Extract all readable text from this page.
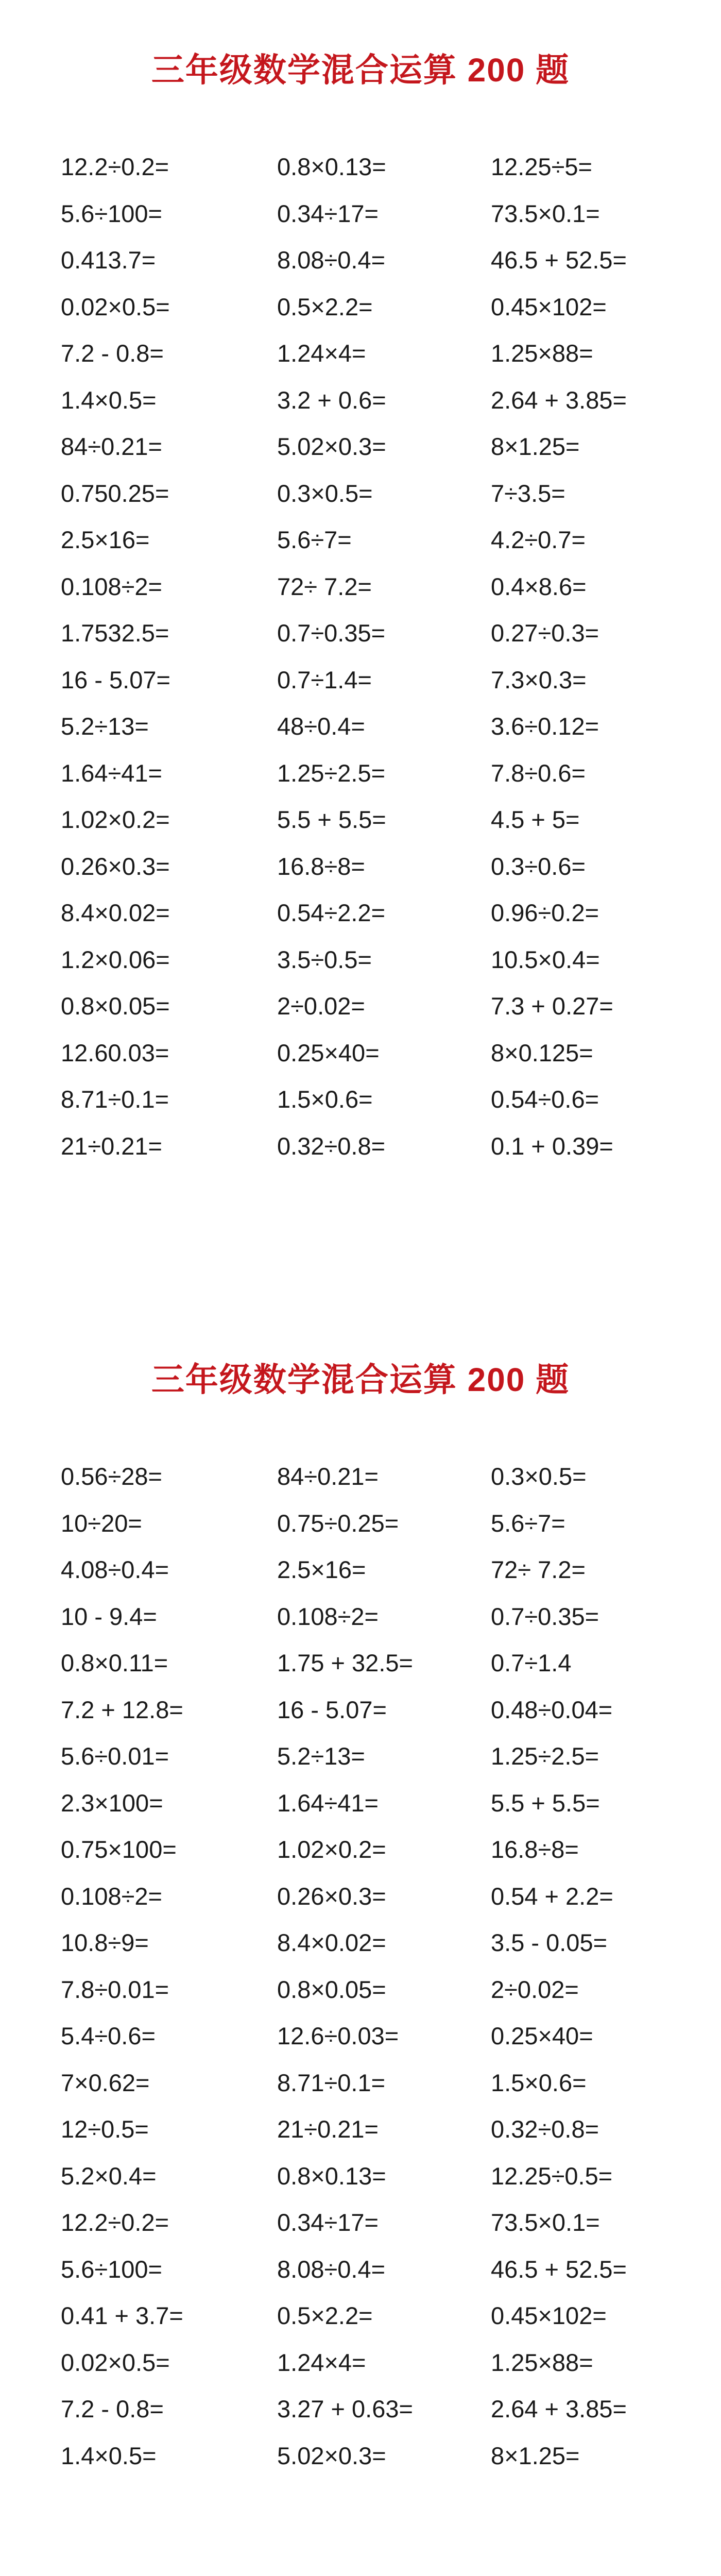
三年级数学混合运算 200 题
12.2÷0.2=	0.8×0.13=	12.25÷5=
5.6÷100=	0.34÷17=	73.5×0.1=
0.413.7=	8.08÷0.4=	46.5 + 52.5=
0.02×0.5=	0.5×2.2=	0.45×102=
7.2 - 0.8=	1.24×4=	1.25×88=
1.4×0.5=	3.2 + 0.6=	2.64 + 3.85=
84÷0.21=	5.02×0.3=	8×1.25=
0.750.25=	0.3×0.5=	7÷3.5=
2.5×16=	5.6÷7=	4.2÷0.7=
0.108÷2=	72÷ 7.2=	0.4×8.6=
1.7532.5=	0.7÷0.35=	0.27÷0.3=
16 - 5.07=	0.7÷1.4=	7.3×0.3=
5.2÷13=	48÷0.4=	3.6÷0.12=
1.64÷41=	1.25÷2.5=	7.8÷0.6=
1.02×0.2=	5.5 + 5.5=	4.5 + 5=
0.26×0.3=	16.8÷8=	0.3÷0.6=
8.4×0.02=	0.54÷2.2=	0.96÷0.2=
1.2×0.06=	3.5÷0.5=	10.5×0.4=
0.8×0.05=	2÷0.02=	7.3 + 0.27=
12.60.03=	0.25×40=	8×0.125=
8.71÷0.1=	1.5×0.6=	0.54÷0.6=
21÷0.21=	0.32÷0.8=	0.1 + 0.39=
三年级数学混合运算 200 题
0.56÷28=	84÷0.21=	0.3×0.5=
10÷20=	0.75÷0.25=	5.6÷7=
4.08÷0.4=	2.5×16=	72÷ 7.2=
10 - 9.4=	0.108÷2=	0.7÷0.35=
0.8×0.11=	1.75 + 32.5=	0.7÷1.4
7.2 + 12.8=	16 - 5.07=	0.48÷0.04=
5.6÷0.01=	5.2÷13=	1.25÷2.5=
2.3×100=	1.64÷41=	5.5 + 5.5=
0.75×100=	1.02×0.2=	16.8÷8=
0.108÷2=	0.26×0.3=	0.54 + 2.2=
10.8÷9=	8.4×0.02=	3.5 - 0.05=
7.8÷0.01=	0.8×0.05=	2÷0.02=
5.4÷0.6=	12.6÷0.03=	0.25×40=
7×0.62=	8.71÷0.1=	1.5×0.6=
12÷0.5=	21÷0.21=	0.32÷0.8=
5.2×0.4=	0.8×0.13=	12.25÷0.5=
12.2÷0.2=	0.34÷17=	73.5×0.1=
5.6÷100=	8.08÷0.4=	46.5 + 52.5=
0.41 + 3.7=	0.5×2.2=	0.45×102=
0.02×0.5=	1.24×4=	1.25×88=
7.2 - 0.8=	3.27 + 0.63=	2.64 + 3.85=
1.4×0.5=	5.02×0.3=	8×1.25=
